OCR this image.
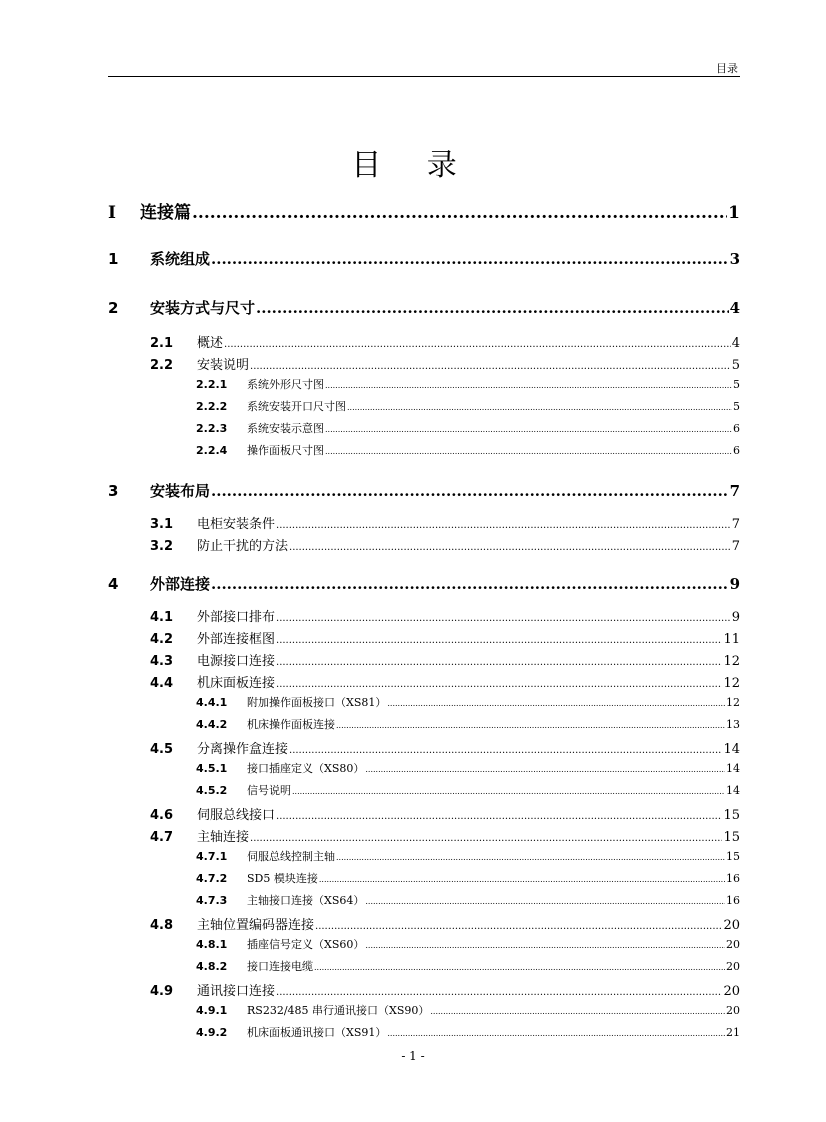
目录
目 录
I	连接篇 .....	1
1	系统组成 .....	3
2	安装方式与尺寸 .....	4
2.1	概述 .....	4
2.2	安装说明 .....	5
2.2.1	系统外形尺寸图 .....	5
2.2.2	系统安装开口尺寸图 .....	5
2.2.3	系统安装示意图 .....	6
2.2.4	操作面板尺寸图 .....	6
3	安装布局 .....	7
3.1	电柜安装条件 .....	7
3.2	防止干扰的方法 .....	7
4	外部连接 .....	9
4.1	外部接口排布 .....	9
4.2	外部连接框图 .....	11
4.3	电源接口连接 .....	12
4.4	机床面板连接 .....	12
4.4.1	附加操作面板接口（XS81） .....	12
4.4.2	机床操作面板连接 .....	13
4.5	分离操作盒连接 .....	14
4.5.1	接口插座定义（XS80） .....	14
4.5.2	信号说明 .....	14
4.6	伺服总线接口 .....	15
4.7	主轴连接 .....	15
4.7.1	伺服总线控制主轴 .....	15
4.7.2	SD5 模块连接 .....	16
4.7.3	主轴接口连接（XS64） .....	16
4.8	主轴位置编码器连接 .....	20
4.8.1	插座信号定义（XS60） .....	20
4.8.2	接口连接电缆 .....	20
4.9	通讯接口连接 .....	20
4.9.1	RS232/485 串行通讯接口（XS90） .....	20
4.9.2	机床面板通讯接口（XS91） .....	21
- 1 -
